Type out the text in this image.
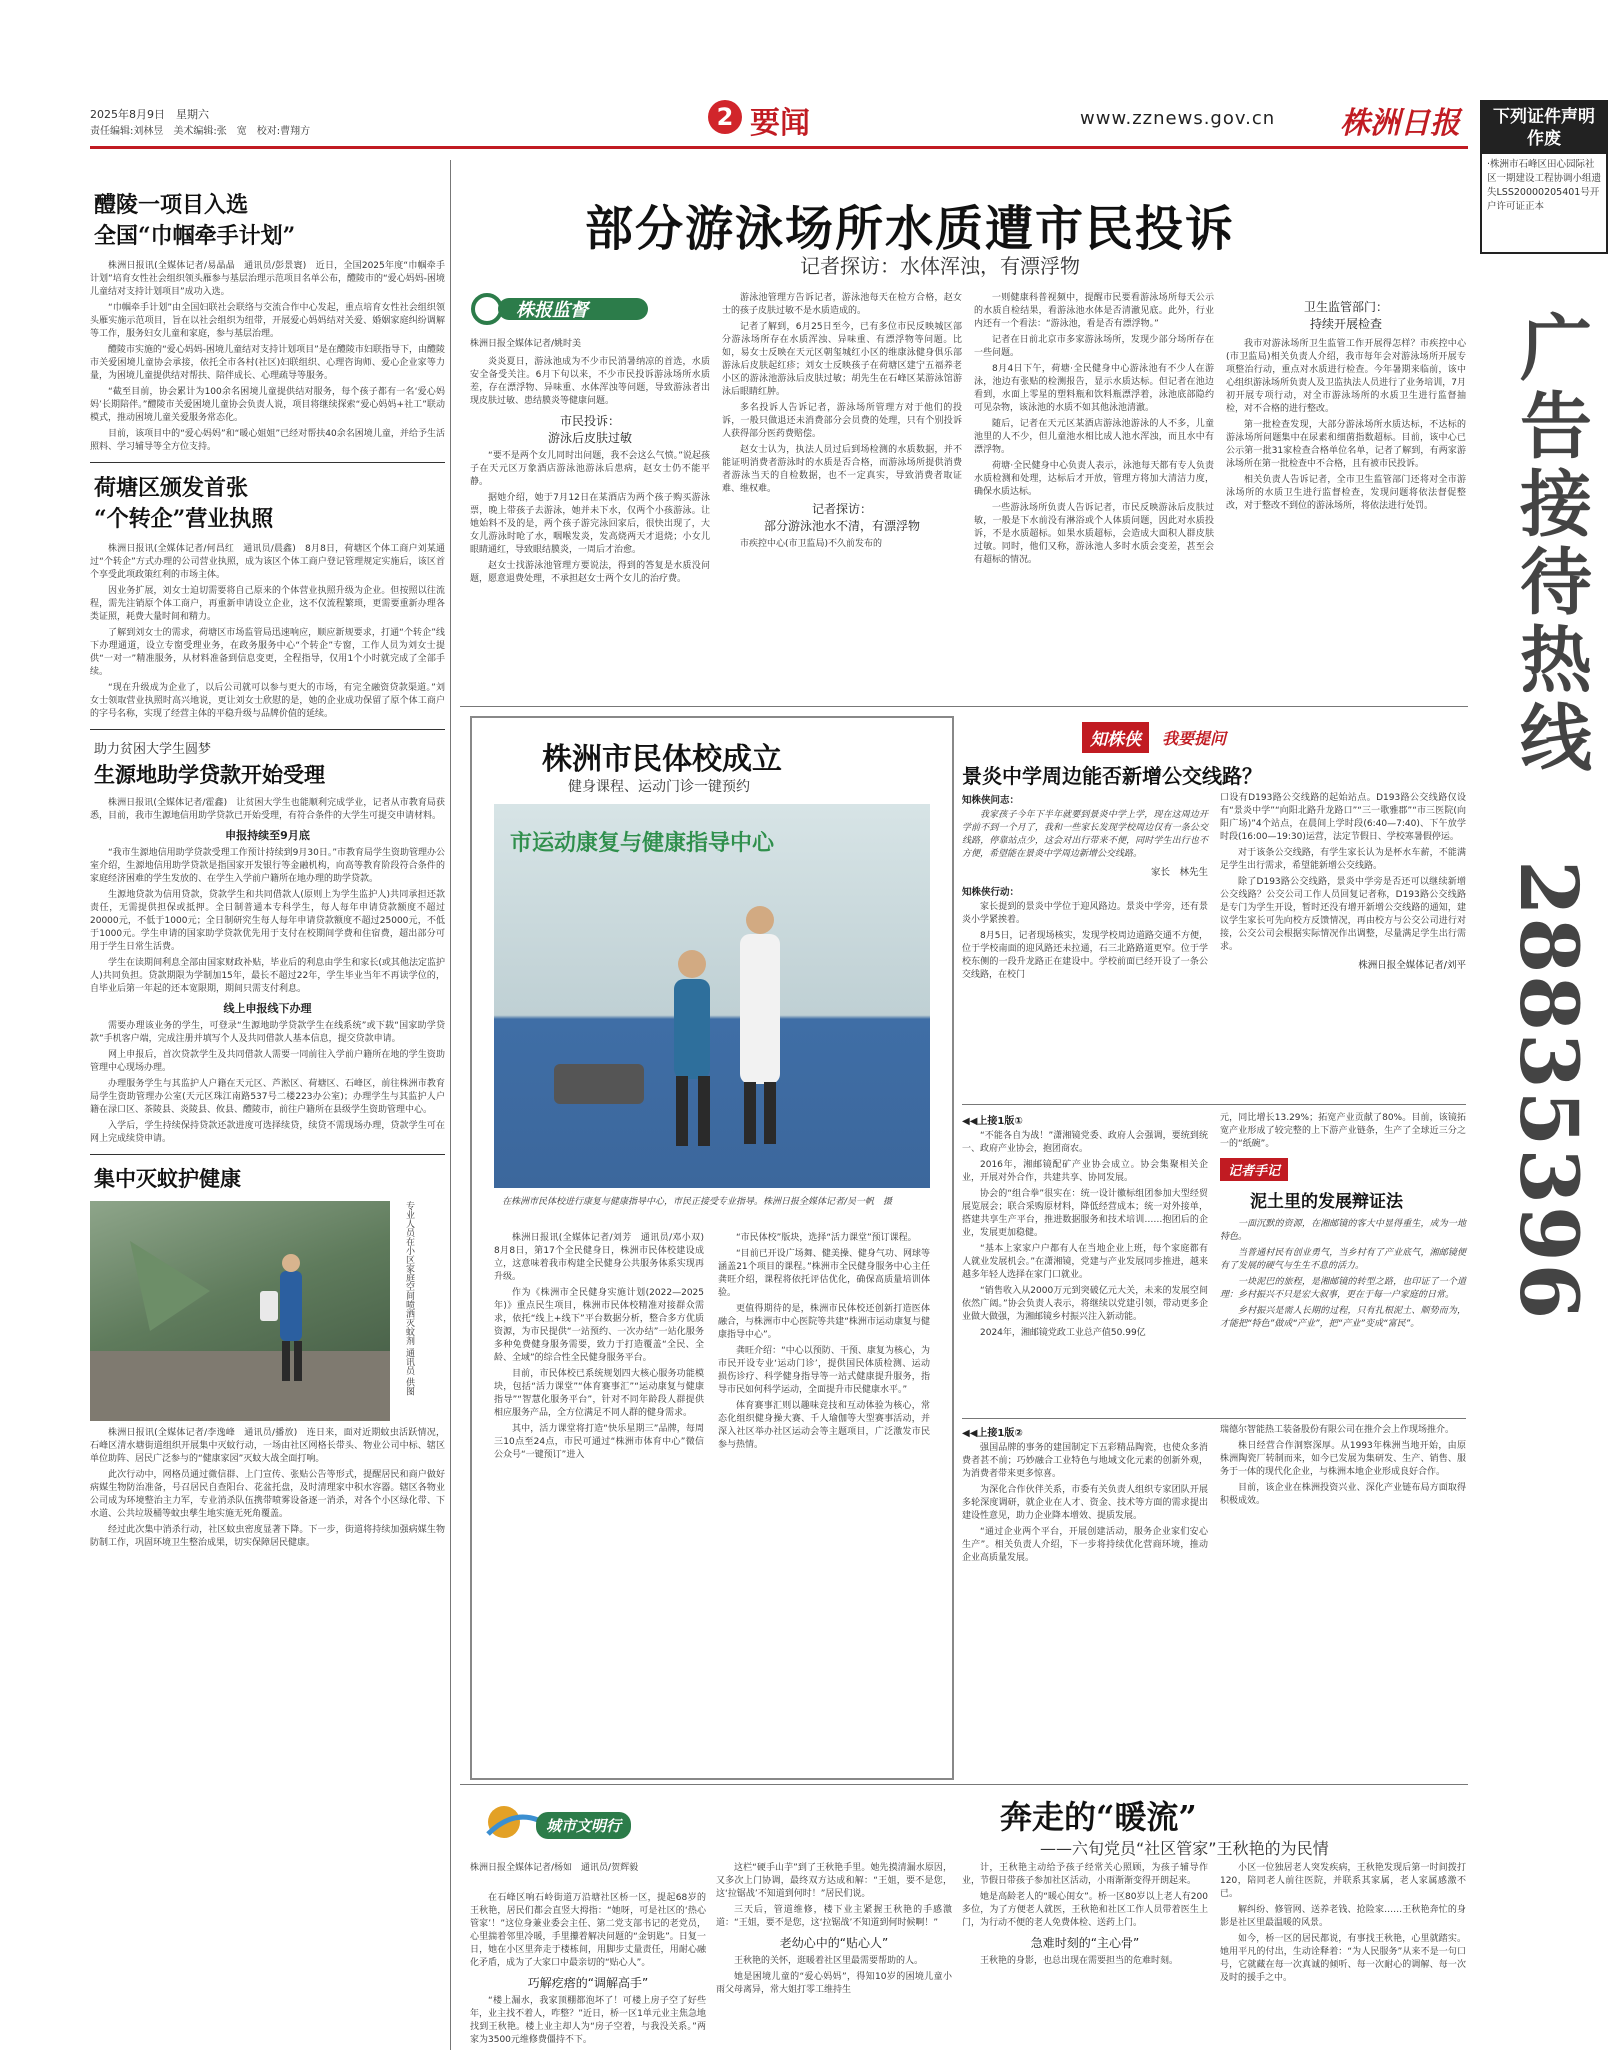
2025年8月9日　星期六
责任编辑:刘林昱　美术编辑:张　宽　校对:曹翔方
2 要闻	www.zznews.gov.cn 株洲日报	下列证件声明作废
·株洲市石峰区田心园际社区一期建设工程协调小组遗失LSS20000205401号开户许可证正本
广告接待热线
28835396
醴陵一项目入选
全国“巾帼牵手计划”

株洲日报讯(全媒体记者/易晶晶　通讯员/彭景寰)　近日，全国2025年度“巾帼牵手计划”培育女性社会组织领头雁参与基层治理示范项目名单公布，醴陵市的“爱心妈妈-困境儿童结对支持计划项目”成功入选。

“巾帼牵手计划”由全国妇联社会联络与交流合作中心发起，重点培育女性社会组织领头雁实施示范项目，旨在以社会组织为纽带，开展爱心妈妈结对关爱、婚姻家庭纠纷调解等工作，服务妇女儿童和家庭，参与基层治理。

醴陵市实施的“爱心妈妈-困境儿童结对支持计划项目”是在醴陵市妇联指导下，由醴陵市关爱困境儿童协会承接，依托全市各村(社区)妇联组织、心理咨询师、爱心企业家等力量，为困境儿童提供结对帮扶、陪伴成长、心理疏导等服务。

“截至目前，协会累计为100余名困境儿童提供结对服务，每个孩子都有一名‘爱心妈妈’长期陪伴。”醴陵市关爱困境儿童协会负责人说，项目将继续探索“爱心妈妈+社工”联动模式，推动困境儿童关爱服务常态化。

目前，该项目中的“爱心妈妈”和“暖心姐姐”已经对帮扶40余名困境儿童，并给予生活照料、学习辅导等全方位支持。

荷塘区颁发首张
“个转企”营业执照

株洲日报讯(全媒体记者/何昌红　通讯员/晨鑫)　8月8日，荷塘区个体工商户刘某通过“个转企”方式办理的公司营业执照，成为该区个体工商户登记管理规定实施后，该区首个享受此项政策红利的市场主体。

因业务扩展，刘女士迫切需要将自己原来的个体营业执照升级为企业。但按照以往流程，需先注销原个体工商户，再重新申请设立企业，这不仅流程繁琐，更需要重新办理各类证照，耗费大量时间和精力。

了解到刘女士的需求，荷塘区市场监管局迅速响应，顺应新规要求，打通“个转企”线下办理通道，设立专窗受理业务，在政务服务中心“个转企”专窗，工作人员为刘女士提供“一对一”精准服务，从材料准备到信息变更，全程指导，仅用1个小时就完成了全部手续。

“现在升级成为企业了，以后公司就可以参与更大的市场，有完全融资贷款渠道。”刘女士领取营业执照时高兴地说，更让刘女士欣慰的是，她的企业成功保留了原个体工商户的字号名称，实现了经营主体的平稳升级与品牌价值的延续。

助力贫困大学生圆梦
生源地助学贷款开始受理

株洲日报讯(全媒体记者/霍鑫)　让贫困大学生也能顺利完成学业，记者从市教育局获悉，目前，我市生源地信用助学贷款已开始受理，有符合条件的大学生可提交申请材料。

申报持续至9月底

“我市生源地信用助学贷款受理工作预计持续到9月30日。”市教育局学生资助管理办公室介绍，生源地信用助学贷款是指国家开发银行等金融机构，向高等教育阶段符合条件的家庭经济困难的学生发放的、在学生入学前户籍所在地办理的助学贷款。

生源地贷款为信用贷款，贷款学生和共同借款人(原则上为学生监护人)共同承担还款责任，无需提供担保或抵押。全日制普通本专科学生，每人每年申请贷款额度不超过20000元，不低于1000元；全日制研究生每人每年申请贷款额度不超过25000元，不低于1000元。学生申请的国家助学贷款优先用于支付在校期间学费和住宿费，超出部分可用于学生日常生活费。

学生在读期间利息全部由国家财政补贴，毕业后的利息由学生和家长(或其他法定监护人)共同负担。贷款期限为学制加15年，最长不超过22年，学生毕业当年不再读学位的，自毕业后第一年起的还本宽限期，期间只需支付利息。

线上申报线下办理

需要办理该业务的学生，可登录“生源地助学贷款学生在线系统”或下载“国家助学贷款”手机客户端，完成注册并填写个人及共同借款人基本信息，提交贷款申请。

网上申报后，首次贷款学生及共同借款人需要一同前往入学前户籍所在地的学生资助管理中心现场办理。

办理服务学生与其监护人户籍在天元区、芦淞区、荷塘区、石峰区，前往株洲市教育局学生资助管理办公室(天元区珠江南路537号二楼223办公室)；办理学生与其监护人户籍在渌口区、茶陵县、炎陵县、攸县、醴陵市，前往户籍所在县级学生资助管理中心。

入学后，学生持续保持贷款还款进度可选择续贷，续贷不需现场办理，贷款学生可在网上完成续贷申请。

集中灭蚊护健康
专业人员在小区家庭空间喷洒灭蚊剂 通讯员 供图

株洲日报讯(全媒体记者/李逸峰　通讯员/播放)　连日来，面对近期蚊虫活跃情况，石峰区清水塘街道组织开展集中灭蚊行动，一场由社区网格长带头、物业公司中标、辖区单位助阵、居民广泛参与的“健康家园”灭蚊大战全面打响。

此次行动中，网格员通过微信群、上门宣传、张贴公告等形式，提醒居民和商户做好病媒生物防治准备，号召居民自查阳台、花盆托盘，及时清理家中积水容器。辖区各物业公司成为环境整治主力军，专业消杀队伍携带喷雾设备逐一消杀，对各个小区绿化带、下水道、公共垃圾桶等蚊虫孳生地实施无死角覆盖。

经过此次集中消杀行动，社区蚊虫密度显著下降。下一步，街道将持续加强病媒生物防制工作，巩固环境卫生整治成果，切实保障居民健康。

部分游泳场所水质遭市民投诉
记者探访：水体浑浊，有漂浮物
株报监督
株洲日报全媒体记者/姚时美

炎炎夏日，游泳池成为不少市民消暑纳凉的首选，水质安全备受关注。6月下旬以来，不少市民投诉游泳场所水质差，存在漂浮物、异味重、水体浑浊等问题，导致游泳者出现皮肤过敏、患结膜炎等健康问题。

市民投诉：
游泳后皮肤过敏

“要不是两个女儿同时出问题，我不会这么气愤。”说起孩子在天元区万象酒店游泳池游泳后患病，赵女士仍不能平静。

据她介绍，她于7月12日在某酒店为两个孩子购买游泳票，晚上带孩子去游泳，她并未下水，仅两个小孩游泳。让她始料不及的是，两个孩子游完泳回家后，很快出现了，大女儿游泳时呛了水，咽喉发炎，发高烧两天才退烧；小女儿眼睛通红，导致眼结膜炎，一周后才治愈。

赵女士找游泳池管理方要说法，得到的答复是水质没问题，愿意退费处理，不承担赵女士两个女儿的治疗费。

游泳池管理方告诉记者，游泳池每天在检方合格，赵女士的孩子皮肤过敏不是水质造成的。

记者了解到，6月25日至今，已有多位市民反映城区部分游泳场所存在水质浑浊、异味重、有漂浮物等问题。比如，易女士反映在天元区朝玺城红小区的维康泳健身俱乐部游泳后皮肤起红疹；刘女士反映孩子在荷塘区建宁五福养老小区的游泳池游泳后皮肤过敏；胡先生在石峰区某游泳馆游泳后眼睛红肿。

多名投诉人告诉记者，游泳场所管理方对于他们的投诉，一般只做退还未消费部分会员费的处理，只有个别投诉人获得部分医药费赔偿。

赵女士认为，执法人员过后到场检测的水质数据，并不能证明消费者游泳时的水质是否合格，而游泳场所提供消费者游泳当天的自检数据，也不一定真实，导致消费者取证难、维权难。

记者探访：
部分游泳池水不清，有漂浮物

市疾控中心(市卫监局)不久前发布的

一则健康科普视频中，提醒市民要看游泳场所每天公示的水质自检结果，看游泳池水体是否清澈见底。此外，行业内还有一个看法：“游泳池，看是否有漂浮物。”

记者在日前北京市多家游泳场所，发现少部分场所存在一些问题。

8月4日下午，荷塘·全民健身中心游泳池有不少人在游泳，池边有张贴的检测报告，显示水质达标。但记者在池边看到，水面上零星的塑料瓶和饮料瓶漂浮着，泳池底部隐约可见杂物，该泳池的水质不如其他泳池清澈。

随后，记者在天元区某酒店游泳池游泳的人不多，儿童池里的人不少，但儿童池水相比成人池水浑浊，而且水中有漂浮物。

荷塘·全民健身中心负责人表示，泳池每天都有专人负责水质检测和处理，达标后才开放，管理方将加大清洁力度，确保水质达标。

一些游泳场所负责人告诉记者，市民反映游泳后皮肤过敏，一般是下水前没有淋浴或个人体质问题，因此对水质投诉，不是水质超标。如果水质超标，会造成大面积人群皮肤过敏。同时，他们又称，游泳池人多时水质会变差，甚至会有超标的情况。

卫生监管部门：
持续开展检查

我市对游泳场所卫生监管工作开展得怎样？市疾控中心(市卫监局)相关负责人介绍，我市每年会对游泳场所开展专项整治行动，重点对水质进行检查。今年暑期来临前，该中心组织游泳场所负责人及卫监执法人员进行了业务培训，7月初开展专项行动，对全市游泳场所的水质卫生进行监督抽检，对不合格的进行整改。

第一批检查发现，大部分游泳场所水质达标，不达标的游泳场所问题集中在尿素和细菌指数超标。目前，该中心已公示第一批31家检查合格单位名单，记者了解到，有两家游泳场所在第一批检查中不合格，且有被市民投诉。

相关负责人告诉记者，全市卫生监管部门还将对全市游泳场所的水质卫生进行监督检查，发现问题将依法督促整改，对于整改不到位的游泳场所，将依法进行处罚。

株洲市民体校成立
健身课程、运动门诊一键预约
市运动康复与健康指导中心
在株洲市民体校进行康复与健康指导中心，市民正接受专业指导。株洲日报全媒体记者/吴一帆　摄

株洲日报讯(全媒体记者/刘芳　通讯员/邓小双)　8月8日，第17个全民健身日，株洲市民体校建设成立，这意味着我市构建全民健身公共服务体系实现再升级。

作为《株洲市全民健身实施计划(2022—2025年)》重点民生项目，株洲市民体校精准对接群众需求，依托“线上+线下”平台数据分析，整合多方优质资源，为市民提供“一站预约、一次办结”一站化服务多种免费健身服务需要，致力于打造覆盖“全民、全龄、全域”的综合性全民健身服务平台。

目前，市民体校已系统规划四大核心服务功能模块，包括“活力课堂”“体育赛事汇”“运动康复与健康指导”“智慧化服务平台”，针对不同年龄段人群提供相应服务产品，全方位满足不同人群的健身需求。

其中，活力课堂将打造“快乐星期三”品牌，每周三10点至24点，市民可通过“株洲市体育中心”微信公众号“一键预订”进入

“市民体校”版块，选择“活力课堂”预订课程。

“目前已开设广场舞、健美操、健身气功、网球等涵盖21个项目的课程。”株洲市全民健身服务中心主任龚旺介绍，课程将依托评估优化，确保高质量培训体验。

更值得期待的是，株洲市民体校还创新打造医体融合，与株洲市中心医院等共建“株洲市运动康复与健康指导中心”。

龚旺介绍：“中心以预防、干预、康复为核心，为市民开设专业‘运动门诊’，提供国民体质检测、运动损伤诊疗、科学健身指导等一站式健康提升服务，指导市民如何科学运动，全面提升市民健康水平。”

体育赛事汇则以趣味竞技和互动体验为核心，常态化组织健身操大赛、千人瑜伽等大型赛事活动，并深入社区举办社区运动会等主题项目，广泛激发市民参与热情。

知株侠	我要提问
景炎中学周边能否新增公交线路？
知株侠问志：

我家孩子今年下半年就要到景炎中学上学，现在这周边开学前不到一个月了，我和一些家长发现学校周边仅有一条公交线路，停靠站点少，这会对出行带来不便，同时学生出行也不方便，希望能在景炎中学周边新增公交线路。

家长　林先生
知株侠行动：

家长提到的景炎中学位于迎风路边。景炎中学旁，还有景炎小学紧挨着。

8月5日，记者现场核实，发现学校周边道路交通不方便，位于学校南面的迎风路还未拉通，石三北路路道更窄。位于学校东侧的一段升龙路正在建设中。学校前面已经开设了一条公交线路，在校门

口设有D193路公交线路的起始站点。D193路公交线路仅设有“景炎中学”“向阳北路升龙路口”“三一歌雅郡”“市三医院(向阳广场)”4个站点，在晨间上学时段(6:40—7:40)、下午放学时段(16:00—19:30)运营，法定节假日、学校寒暑假停运。

对于该条公交线路，有学生家长认为是杯水车薪，不能满足学生出行需求，希望能新增公交线路。

除了D193路公交线路，景炎中学旁是否还可以继续新增公交线路？公交公司工作人员回复记者称，D193路公交线路是专门为学生开设，暂时还没有增开新增公交线路的通知，建议学生家长可先向校方反馈情况，再由校方与公交公司进行对接，公交公司会根据实际情况作出调整，尽量满足学生出行需求。

株洲日报全媒体记者/刘平
◀◀上接1版①

“不能各自为战！”潇湘镜党委、政府人会强调，要统到统一、政府产业协会，抱团商农。

2016年，湘邮镜配矿产业协会成立。协会集聚相关企业，开展对外合作，共建共享、协同发展。

协会的“组合拳”很实在：统一设计徽标组团参加大型经贸展览展会；联合采购原材料，降低经营成本；统一对外接单，搭建共享生产平台，推进数据服务和技术培训……抱团后的企业，发展更加稳健。

“基本上家家户户都有人在当地企业上班，每个家庭都有人就业发展机会。”在潇湘镜，党建与产业发展同步推进，越来越多年轻人选择在家门口就业。

“销售收入从2000万元到突破亿元大关，未来的发展空间依然广阔。”协会负责人表示，将继续以党建引领，带动更多企业做大做强，为湘邮镜乡村振兴注入新动能。

2024年，湘邮镜党政工业总产值50.99亿

元，同比增长13.29%；拓宽产业贡献了80%。目前，该镜拓宽产业形成了较完整的上下游产业链条，生产了全球近三分之一的“纸碗”。

记者手记
泥土里的发展辩证法

一面沉默的资源，在湘邮镜的客大中显得重生，成为一地特色。

当普通村民有创业勇气，当乡村有了产业底气，湘邮镜便有了发展的硬气与生生不息的活力。

一块泥巴的旅程，是湘邮镜的转型之路，也印证了一个道理：乡村振兴不只是宏大叙事，更在于每一户家庭的日常。

乡村振兴是需人长期的过程，只有扎根泥土、顺势而为，才能把“特色”做成“产业”，把“产业”变成“富民”。

◀◀上接1版②

强国品牌的事务的建国制定下五彩精品陶瓷，也使众多消费者甚不前；巧妙融合工业特色与地域文化元素的创新外观，为消费者带来更多惊喜。

为深化合作伙伴关系，市委有关负责人组织专家团队开展多轮深度调研，就企业在人才、资金、技术等方面的需求提出建设性意见，助力企业降本增效、提质发展。

“通过企业两个平台，开展创建活动，服务企业家们安心生产”。相关负责人介绍，下一步将持续优化营商环境，推动企业高质量发展。

瑞德尔智能热工装备股份有限公司在推介会上作现场推介。

株日经营合作洞察深厚。从1993年株洲当地开始，由原株洲陶瓷厂转制而来，如今已发展为集研发、生产、销售、服务于一体的现代化企业，与株洲本地企业形成良好合作。

目前，该企业在株洲投资兴业、深化产业链布局方面取得积极成效。

城市文明行	奔走的“暖流”
——六旬党员“社区管家”王秋艳的为民情
株洲日报全媒体记者/杨如　通讯员/贺辉毅

在石峰区响石岭街道万沿塘社区桥一区，提起68岁的王秋艳，居民们都会直竖大拇指：“她呀，可是社区的‘热心管家’！”这位身兼业委会主任、第二党支部书记的老党员，心里揣着邻里冷暖，手里攥着解决问题的“金钥匙”。日复一日，她在小区里奔走于楼栋间，用脚步丈量责任，用耐心融化矛盾，成为了大家口中最亲切的“贴心人”。

巧解疙瘩的“调解高手”

“楼上漏水，我家顶棚都泡坏了！可楼上房子空了好些年，业主找不着人，咋整？”近日，桥一区1单元业主焦急地找到王秋艳。楼上业主却人为“房子空着，与我没关系。”两家为3500元维修费僵持不下。

这栏“硬手山芋”到了王秋艳手里。她先摸清漏水原因，又多次上门协调，最终双方达成和解：“王姐，要不是您，这‘拉锯战’不知道到何时！”居民们说。

三天后，管道维修，楼下业主紧握王秋艳的手感激道：“王姐，要不是您，这‘拉锯战’不知道到何时候啊！”

老幼心中的“贴心人”

王秋艳的关怀，逛暖着社区里最需要帮助的人。

她是困境儿童的“爱心妈妈”，得知10岁的困境儿童小雨父母离异，常大姐打零工维持生

计，王秋艳主动给予孩子经常关心照顾，为孩子辅导作业，节假日带孩子参加社区活动，小雨渐渐变得开朗起来。

她是高龄老人的“暖心闺女”。桥一区80岁以上老人有200多位，为了方便老人就医，王秋艳和社区工作人员带着医生上门，为行动不便的老人免费体检、送药上门。

急难时刻的“主心骨”

王秋艳的身影，也总出现在需要担当的危难时刻。

小区一位独居老人突发疾病，王秋艳发现后第一时间拨打120，陪同老人前往医院，并联系其家属，老人家属感激不已。

解纠纷、修管网、送养老钱、抢险家……王秋艳奔忙的身影是社区里最温暖的风景。

如今，桥一区的居民都说，有事找王秋艳，心里就踏实。她用平凡的付出，生动诠释着：“为人民服务”从来不是一句口号，它就藏在每一次真诚的倾听、每一次耐心的调解、每一次及时的援手之中。
